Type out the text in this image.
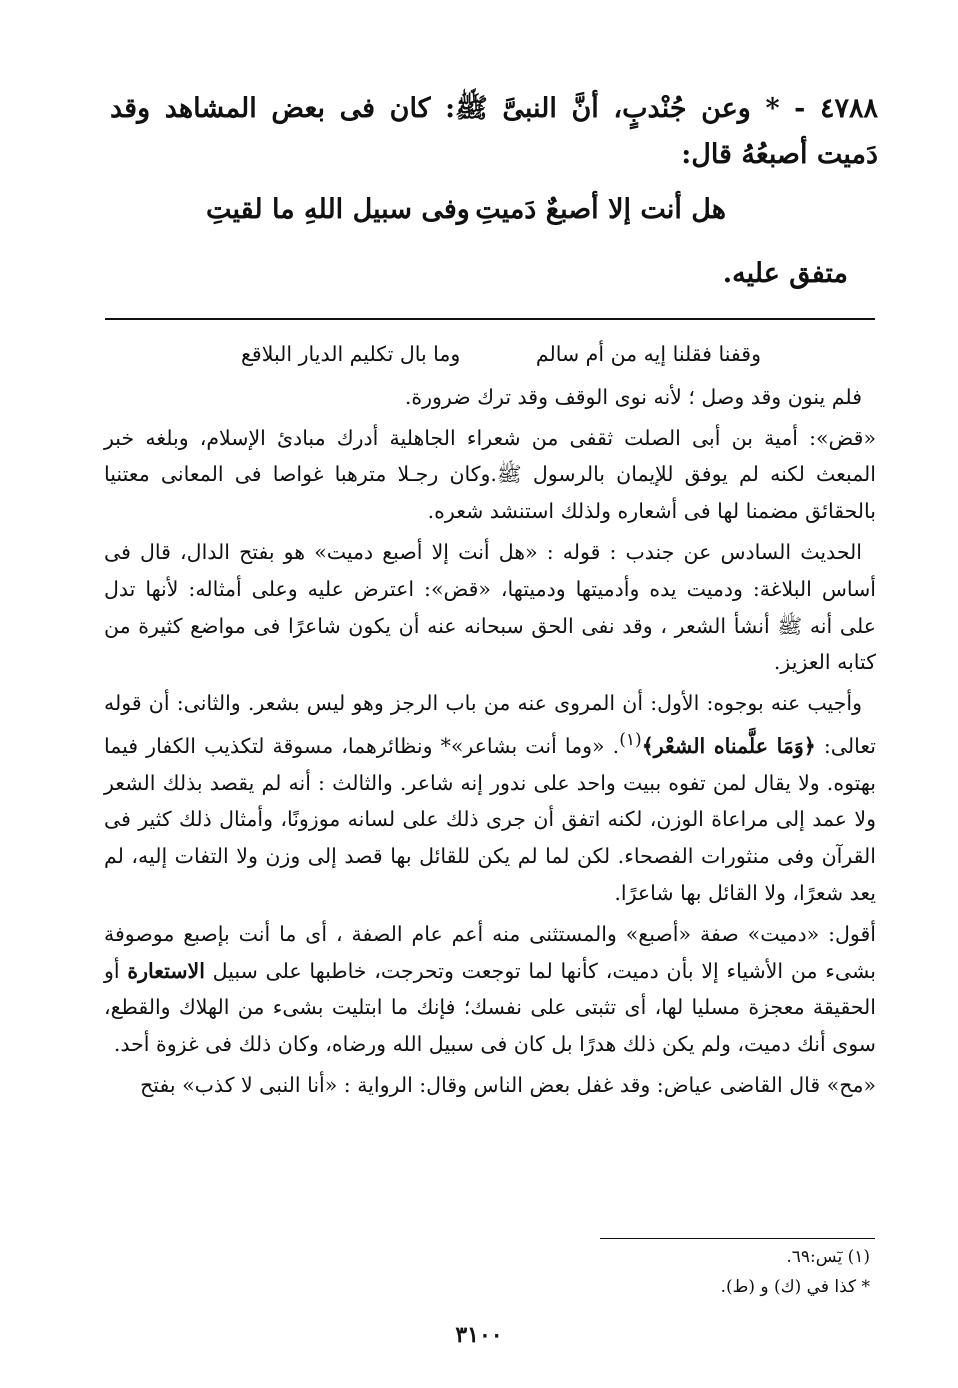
٤٧٨٨ - * وعن جُنْدبٍ، أنَّ النبىَّ ﷺ: كان فى بعض المشاهد وقد دَميت أصبعُهُ قال:
هل أنت إلا أصبعٌ دَميتِ
وفى سبيل اللهِ ما لقيتِ
متفق عليه.
وقفنا فقلنا إيه من أم سالم
وما بال تكليم الديار البلاقع

فلم ينون وقد وصل ؛ لأنه نوى الوقف وقد ترك ضرورة.

«قض»: أمية بن أبى الصلت ثقفى من شعراء الجاهلية أدرك مبادئ الإسلام، وبلغه خبر المبعث لكنه لم يوفق للإيمان بالرسول ﷺ.وكان رجـلا مترهبا غواصا فى المعانى معتنيا بالحقائق مضمنا لها فى أشعاره ولذلك استنشد شعره.

الحديث السادس عن جندب : قوله : «هل أنت إلا أصبع دميت» هو بفتح الدال، قال فى أساس البلاغة: ودميت يده وأدميتها ودميتها، «قض»: اعترض عليه وعلى أمثاله: لأنها تدل على أنه ﷺ أنشأ الشعر ، وقد نفى الحق سبحانه عنه أن يكون شاعرًا فى مواضع كثيرة من كتابه العزيز.

وأجيب عنه بوجوه: الأول: أن المروى عنه من باب الرجز وهو ليس بشعر. والثانى: أن قوله تعالى: ﴿وَمَا علَّمناه الشعْر﴾$^{(١)}$. «وما أنت بشاعر»* ونظائرهما، مسوقة لتكذيب الكفار فيما بهتوه. ولا يقال لمن تفوه ببيت واحد على ندور إنه شاعر. والثالث : أنه لم يقصد بذلك الشعر ولا عمد إلى مراعاة الوزن، لكنه اتفق أن جرى ذلك على لسانه موزونًا، وأمثال ذلك كثير فى القرآن وفى منثورات الفصحاء. لكن لما لم يكن للقائل بها قصد إلى وزن ولا التفات إليه، لم يعد شعرًا، ولا القائل بها شاعرًا.

أقول: «دميت» صفة «أصبع» والمستثنى منه أعم عام الصفة ، أى ما أنت بإصبع موصوفة بشىء من الأشياء إلا بأن دميت، كأنها لما توجعت وتحرجت، خاطبها على سبيل الاستعارة أو الحقيقة معجزة مسليا لها، أى تثبتى على نفسك؛ فإنك ما ابتليت بشىء من الهلاك والقطع، سوى أنك دميت، ولم يكن ذلك هدرًا بل كان فى سبيل الله ورضاه، وكان ذلك فى غزوة أحد.

«مح» قال القاضى عياض: وقد غفل بعض الناس وقال: الرواية : «أنا النبى لا كذب» بفتح

(١) يٓس:٦٩.
* كذا في (ك) و (ط).
٣١٠٠
